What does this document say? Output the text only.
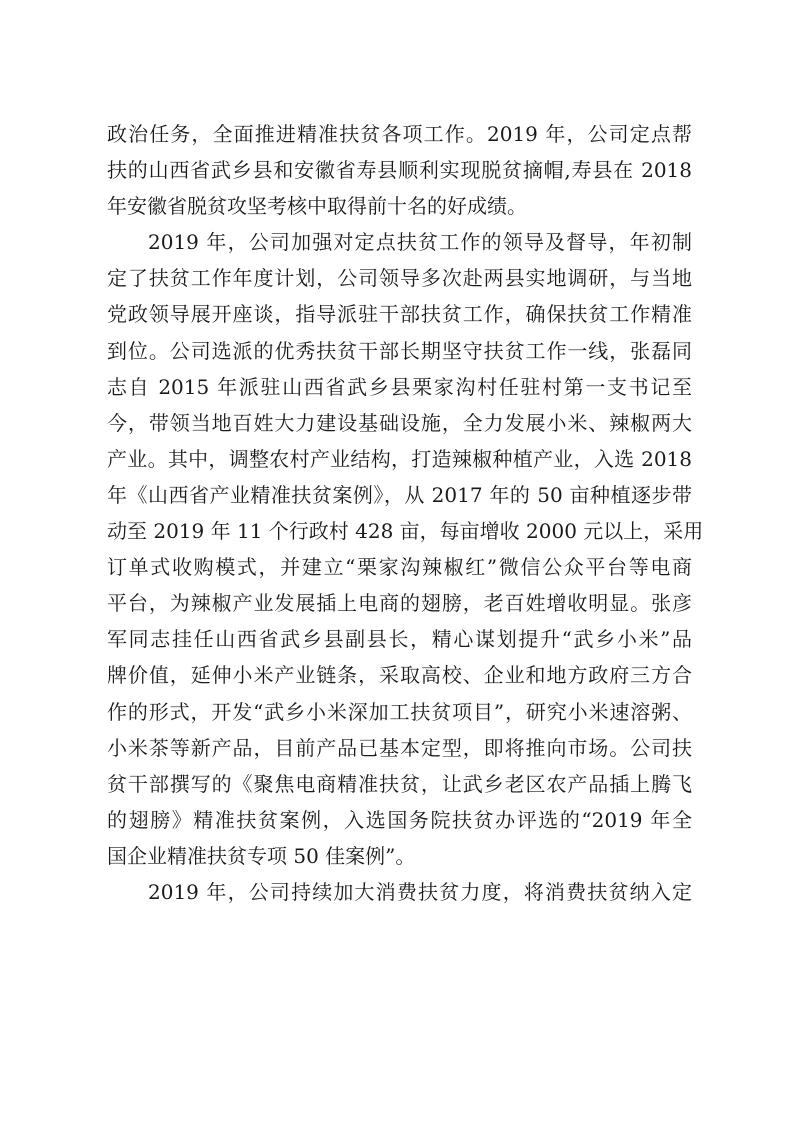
政治任务，全面推进精准扶贫各项工作。2019 年，公司定点帮
扶的山西省武乡县和安徽省寿县顺利实现脱贫摘帽,寿县在 2018
年安徽省脱贫攻坚考核中取得前十名的好成绩。
2019 年，公司加强对定点扶贫工作的领导及督导，年初制
定了扶贫工作年度计划，公司领导多次赴两县实地调研，与当地
党政领导展开座谈，指导派驻干部扶贫工作，确保扶贫工作精准
到位。公司选派的优秀扶贫干部长期坚守扶贫工作一线，张磊同
志自 2015 年派驻山西省武乡县栗家沟村任驻村第一支书记至
今，带领当地百姓大力建设基础设施，全力发展小米、辣椒两大
产业。其中，调整农村产业结构，打造辣椒种植产业，入选 2018
年《山西省产业精准扶贫案例》，从 2017 年的 50 亩种植逐步带
动至 2019 年 11 个行政村 428 亩，每亩增收 2000 元以上，采用
订单式收购模式，并建立“栗家沟辣椒红”微信公众平台等电商
平台，为辣椒产业发展插上电商的翅膀，老百姓增收明显。张彦
军同志挂任山西省武乡县副县长，精心谋划提升“武乡小米”品
牌价值，延伸小米产业链条，采取高校、企业和地方政府三方合
作的形式，开发“武乡小米深加工扶贫项目”，研究小米速溶粥、
小米茶等新产品，目前产品已基本定型，即将推向市场。公司扶
贫干部撰写的《聚焦电商精准扶贫，让武乡老区农产品插上腾飞
的翅膀》精准扶贫案例，入选国务院扶贫办评选的“2019 年全
国企业精准扶贫专项 50 佳案例”。
2019 年，公司持续加大消费扶贫力度，将消费扶贫纳入定
